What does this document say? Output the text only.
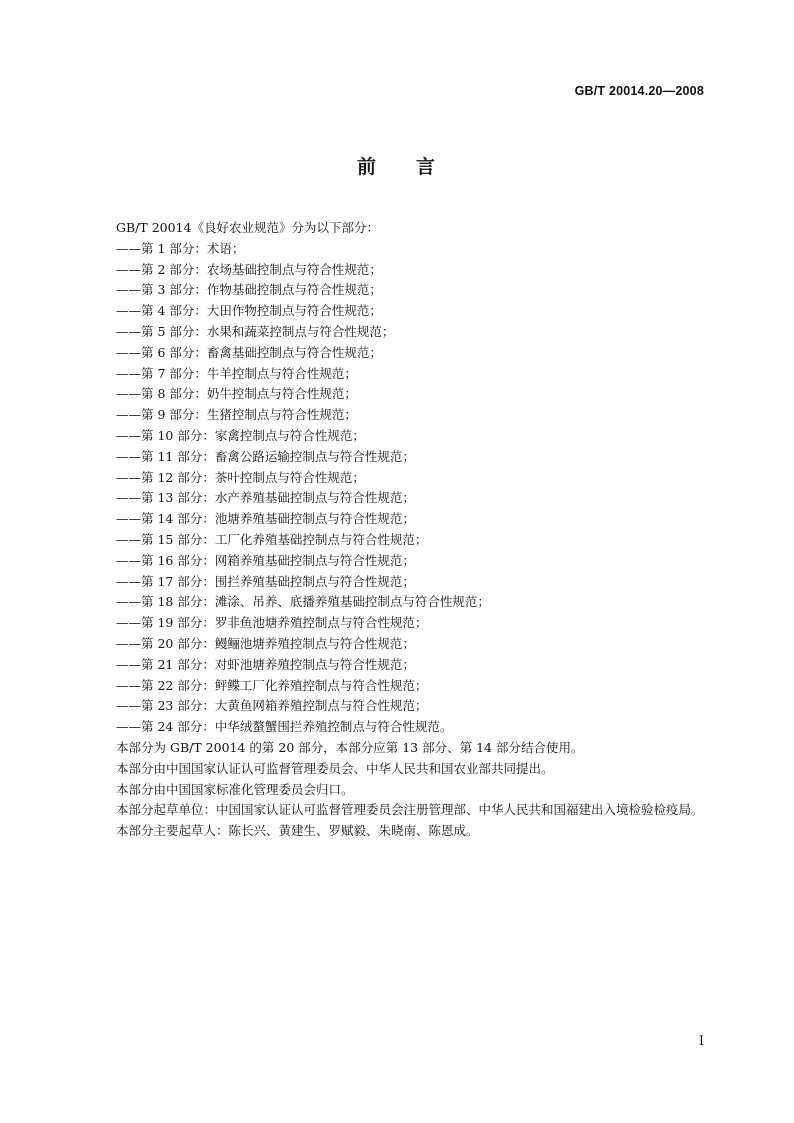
GB/T 20014.20—2008
前 言

GB/T 20014《良好农业规范》分为以下部分：

——第 1 部分：术语；
——第 2 部分：农场基础控制点与符合性规范；
——第 3 部分：作物基础控制点与符合性规范；
——第 4 部分：大田作物控制点与符合性规范；
——第 5 部分：水果和蔬菜控制点与符合性规范；
——第 6 部分：畜禽基础控制点与符合性规范；
——第 7 部分：牛羊控制点与符合性规范；
——第 8 部分：奶牛控制点与符合性规范；
——第 9 部分：生猪控制点与符合性规范；
——第 10 部分：家禽控制点与符合性规范；
——第 11 部分：畜禽公路运输控制点与符合性规范；
——第 12 部分：茶叶控制点与符合性规范；
——第 13 部分：水产养殖基础控制点与符合性规范；
——第 14 部分：池塘养殖基础控制点与符合性规范；
——第 15 部分：工厂化养殖基础控制点与符合性规范；
——第 16 部分：网箱养殖基础控制点与符合性规范；
——第 17 部分：围拦养殖基础控制点与符合性规范；
——第 18 部分：滩涂、吊养、底播养殖基础控制点与符合性规范；
——第 19 部分：罗非鱼池塘养殖控制点与符合性规范；
——第 20 部分：鳗鲡池塘养殖控制点与符合性规范；
——第 21 部分：对虾池塘养殖控制点与符合性规范；
——第 22 部分：鲆鲽工厂化养殖控制点与符合性规范；
——第 23 部分：大黄鱼网箱养殖控制点与符合性规范；
——第 24 部分：中华绒螯蟹围拦养殖控制点与符合性规范。

本部分为 GB/T 20014 的第 20 部分，本部分应第 13 部分、第 14 部分结合使用。

本部分由中国国家认证认可监督管理委员会、中华人民共和国农业部共同提出。

本部分由中国国家标准化管理委员会归口。

本部分起草单位：中国国家认证认可监督管理委员会注册管理部、中华人民共和国福建出入境检验检疫局。

本部分主要起草人：陈长兴、黄建生、罗赋毅、朱晓南、陈恩成。

I
